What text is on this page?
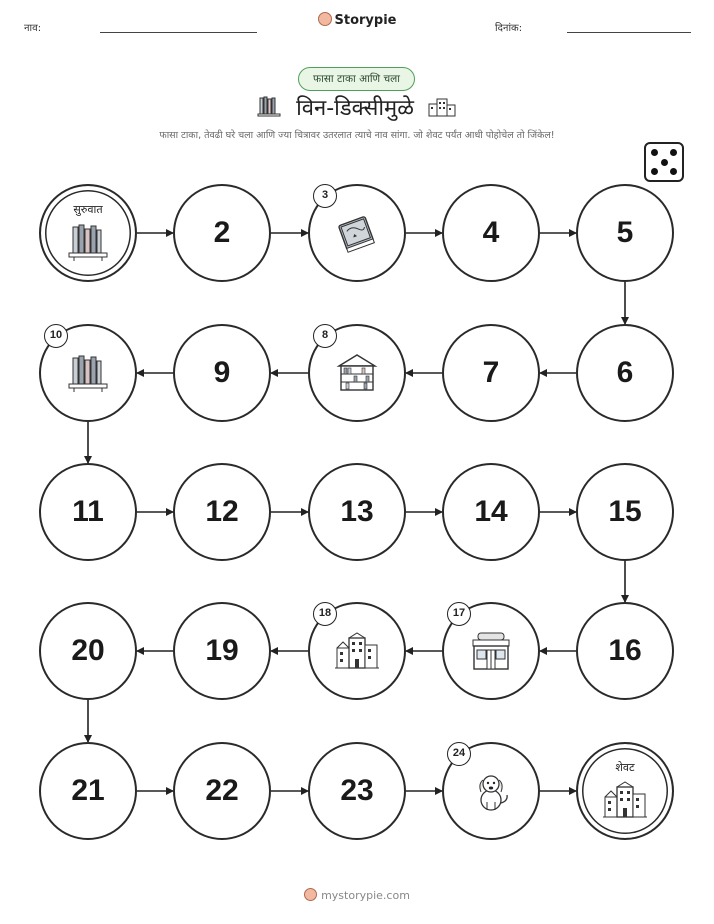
नाव:
Storypie
दिनांक:
फासा टाका आणि चला
विन-डिक्सीमुळे
फासा टाका, तेवढी घरे चला आणि ज्या चित्रावर उतरलात त्याचे नाव सांगा. जो शेवट पर्यंत आधी पोहोचेल तो जिंकेल!
सुरुवात
2
3
4	5
6
7
8
9
10
11	12	13	14	15
16
17
18
19
20
21	22	23
24
शेवट
mystorypie.com
